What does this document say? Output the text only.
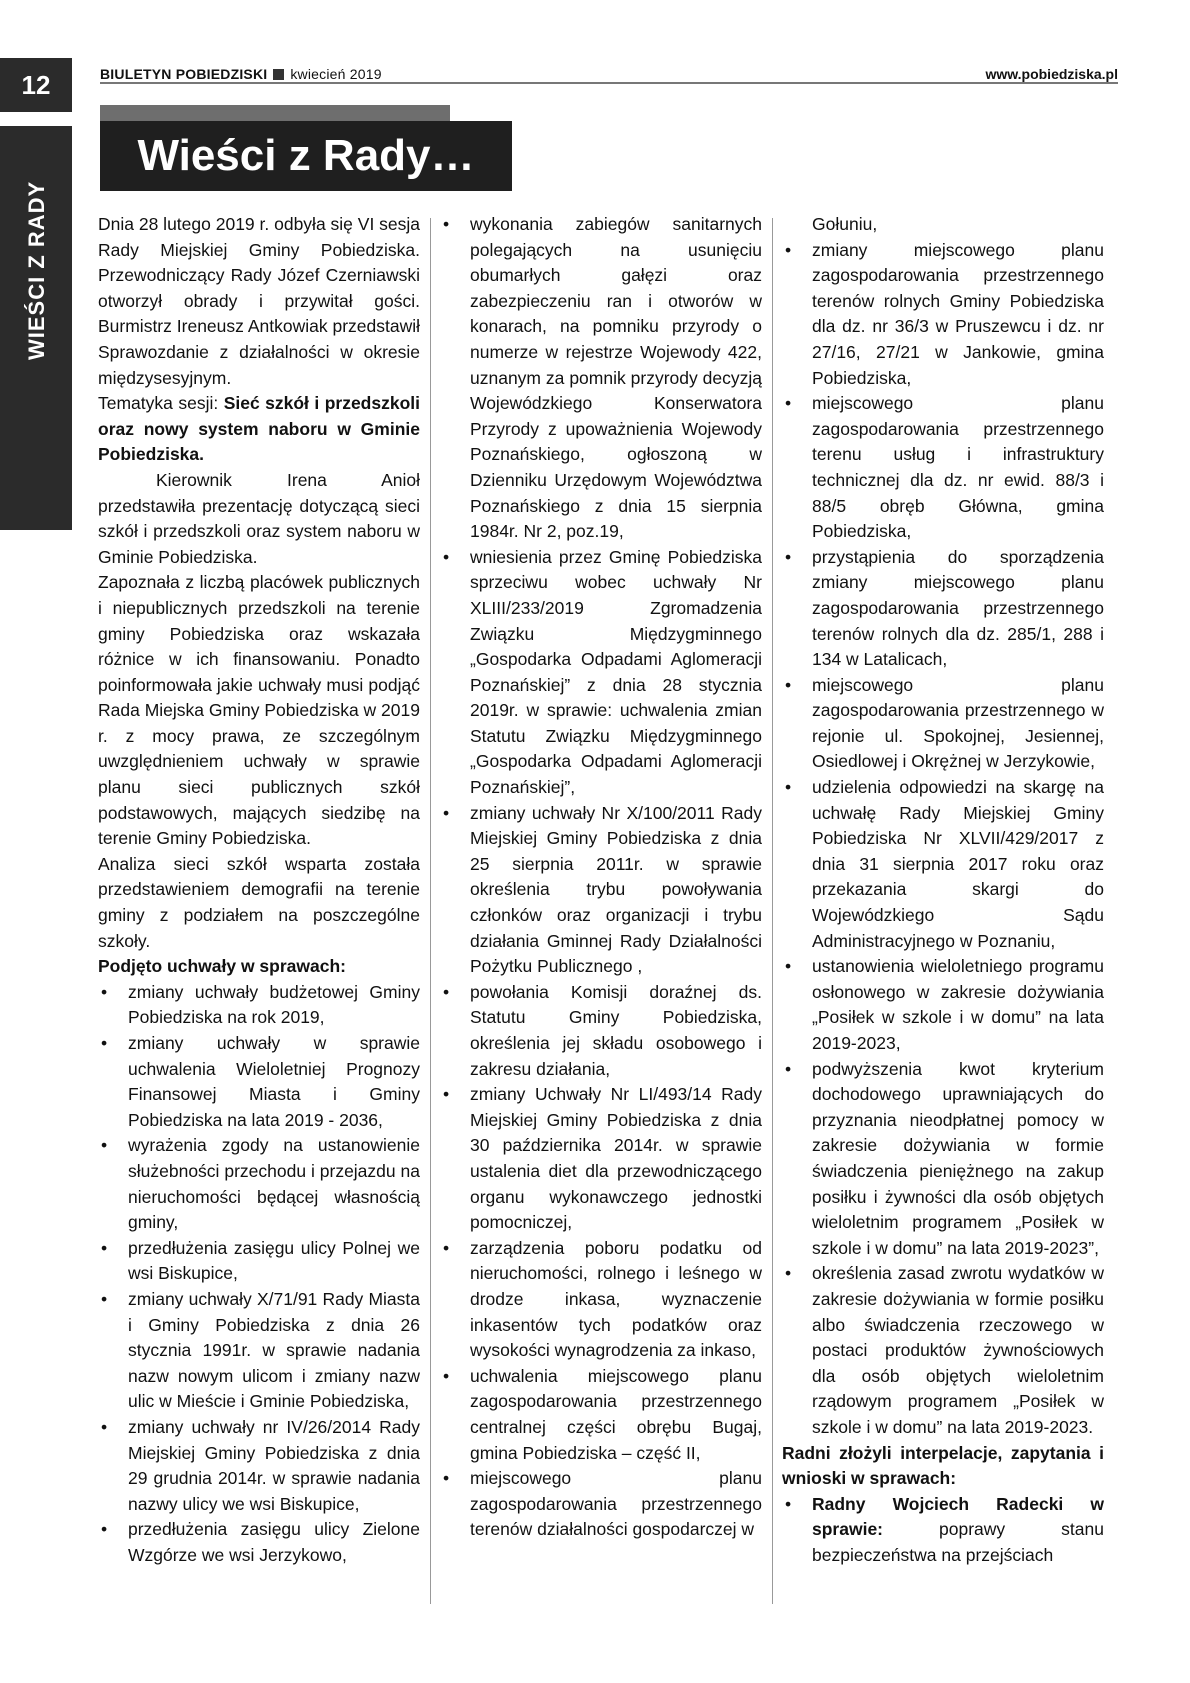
12	BIULETYN POBIEDZISKI kwiecień 2019	www.pobiedziska.pl
WIEŚCI Z RADY
Wieści z Rady…

Dnia 28 lutego 2019 r. odbyła się VI sesja Rady Miejskiej Gminy Pobiedziska. Przewodniczący Rady Józef Czerniawski otworzył obrady i przywitał gości. Burmistrz Ireneusz Antkowiak przedstawił Sprawozdanie z działalności w okresie międzysesyjnym.

Tematyka sesji: Sieć szkół i przedszkoli oraz nowy system naboru w Gminie Pobiedziska.

Kierownik Irena Anioł przedstawiła prezentację dotyczącą sieci szkół i przedszkoli oraz system naboru w Gminie Pobiedziska.

Zapoznała z liczbą placówek publicznych i niepublicznych przedszkoli na terenie gminy Pobiedziska oraz wskazała różnice w ich finansowaniu. Ponadto poinformowała jakie uchwały musi podjąć Rada Miejska Gminy Pobiedziska w 2019 r. z mocy prawa, ze szczególnym uwzględnieniem uchwały w sprawie planu sieci publicznych szkół podstawowych, mających siedzibę na terenie Gminy Pobiedziska.

Analiza sieci szkół wsparta została przedstawieniem demografii na terenie gminy z podziałem na poszczególne szkoły.

Podjęto uchwały w sprawach:

• zmiany uchwały budżetowej Gminy Pobiedziska na rok 2019,
• zmiany uchwały w sprawie uchwalenia Wieloletniej Prognozy Finansowej Miasta i Gminy Pobiedziska na lata 2019 - 2036,
• wyrażenia zgody na ustanowienie służebności przechodu i przejazdu na nieruchomości będącej własnością gminy,
• przedłużenia zasięgu ulicy Polnej we wsi Biskupice,
• zmiany uchwały X/71/91 Rady Miasta i Gminy Pobiedziska z dnia 26 stycznia 1991r. w sprawie nadania nazw nowym ulicom i zmiany nazw ulic w Mieście i Gminie Pobiedziska,
• zmiany uchwały nr IV/26/2014 Rady Miejskiej Gminy Pobiedziska z dnia 29 grudnia 2014r. w sprawie nadania nazwy ulicy we wsi Biskupice,
• przedłużenia zasięgu ulicy Zielone Wzgórze we wsi Jerzykowo,
• wykonania zabiegów sanitarnych polegających na usunięciu obumarłych gałęzi oraz zabezpieczeniu ran i otworów w konarach, na pomniku przyrody o numerze w rejestrze Wojewody 422, uznanym za pomnik przyrody decyzją Wojewódzkiego Konserwatora Przyrody z upoważnienia Wojewody Poznańskiego, ogłoszoną w Dzienniku Urzędowym Województwa Poznańskiego z dnia 15 sierpnia 1984r. Nr 2, poz.19,
• wniesienia przez Gminę Pobiedziska sprzeciwu wobec uchwały Nr XLIII/233/2019 Zgromadzenia Związku Międzygminnego „Gospodarka Odpadami Aglomeracji Poznańskiej” z dnia 28 stycznia 2019r. w sprawie: uchwalenia zmian Statutu Związku Międzygminnego „Gospodarka Odpadami Aglomeracji Poznańskiej”,
• zmiany uchwały Nr X/100/2011 Rady Miejskiej Gminy Pobiedziska z dnia 25 sierpnia 2011r. w sprawie określenia trybu powoływania członków oraz organizacji i trybu działania Gminnej Rady Działalności Pożytku Publicznego ,
• powołania Komisji doraźnej ds. Statutu Gminy Pobiedziska, określenia jej składu osobowego i zakresu działania,
• zmiany Uchwały Nr LI/493/14 Rady Miejskiej Gminy Pobiedziska z dnia 30 października 2014r. w sprawie ustalenia diet dla przewodniczącego organu wykonawczego jednostki pomocniczej,
• zarządzenia poboru podatku od nieruchomości, rolnego i leśnego w drodze inkasa, wyznaczenie inkasentów tych podatków oraz wysokości wynagrodzenia za inkaso,
• uchwalenia miejscowego planu zagospodarowania przestrzennego centralnej części obrębu Bugaj, gmina Pobiedziska – część II,
• miejscowego planu zagospodarowania przestrzennego terenów działalności gospodarczej w

Gołuniu,

• zmiany miejscowego planu zagospodarowania przestrzennego terenów rolnych Gminy Pobiedziska dla dz. nr 36/3 w Pruszewcu i dz. nr 27/16, 27/21 w Jankowie, gmina Pobiedziska,
• miejscowego planu zagospodarowania przestrzennego terenu usług i infrastruktury technicznej dla dz. nr ewid. 88/3 i 88/5 obręb Główna, gmina Pobiedziska,
• przystąpienia do sporządzenia zmiany miejscowego planu zagospodarowania przestrzennego terenów rolnych dla dz. 285/1, 288 i 134 w Latalicach,
• miejscowego planu zagospodarowania przestrzennego w rejonie ul. Spokojnej, Jesiennej, Osiedlowej i Okrężnej w Jerzykowie,
• udzielenia odpowiedzi na skargę na uchwałę Rady Miejskiej Gminy Pobiedziska Nr XLVII/429/2017 z dnia 31 sierpnia 2017 roku oraz przekazania skargi do Wojewódzkiego Sądu Administracyjnego w Poznaniu,
• ustanowienia wieloletniego programu osłonowego w zakresie dożywiania „Posiłek w szkole i w domu” na lata 2019-2023,
• podwyższenia kwot kryterium dochodowego uprawniających do przyznania nieodpłatnej pomocy w zakresie dożywiania w formie świadczenia pieniężnego na zakup posiłku i żywności dla osób objętych wieloletnim programem „Posiłek w szkole i w domu” na lata 2019-2023”,
• określenia zasad zwrotu wydatków w zakresie dożywiania w formie posiłku albo świadczenia rzeczowego w postaci produktów żywnościowych dla osób objętych wieloletnim rządowym programem „Posiłek w szkole i w domu” na lata 2019-2023.

Radni złożyli interpelacje, zapytania i wnioski w sprawach:

• Radny Wojciech Radecki w sprawie: poprawy stanu bezpieczeństwa na przejściach
